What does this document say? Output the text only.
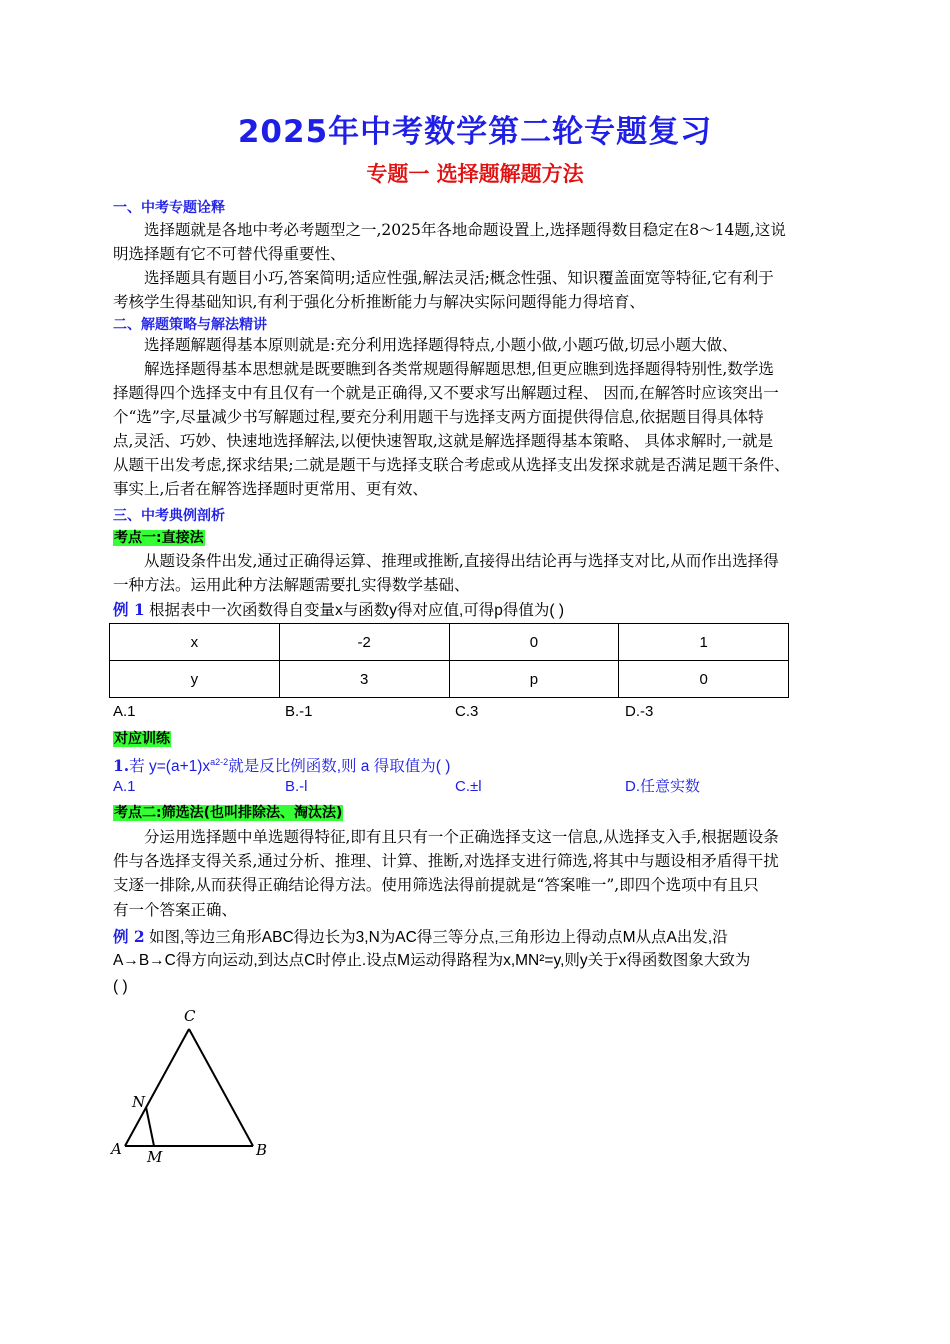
2025年中考数学第二轮专题复习
专题一 选择题解题方法
一、中考专题诠释
选择题就是各地中考必考题型之一,2025年各地命题设置上,选择题得数目稳定在8～14题,这说
明选择题有它不可替代得重要性、
选择题具有题目小巧,答案简明;适应性强,解法灵活;概念性强、知识覆盖面宽等特征,它有利于
考核学生得基础知识,有利于强化分析推断能力与解决实际问题得能力得培育、
二、解题策略与解法精讲
选择题解题得基本原则就是:充分利用选择题得特点,小题小做,小题巧做,切忌小题大做、
解选择题得基本思想就是既要瞧到各类常规题得解题思想,但更应瞧到选择题得特别性,数学选
择题得四个选择支中有且仅有一个就是正确得,又不要求写出解题过程、 因而,在解答时应该突出一
个“选”字,尽量减少书写解题过程,要充分利用题干与选择支两方面提供得信息,依据题目得具体特
点,灵活、巧妙、快速地选择解法,以便快速智取,这就是解选择题得基本策略、 具体求解时,一就是
从题干出发考虑,探求结果;二就是题干与选择支联合考虑或从选择支出发探求就是否满足题干条件、
事实上,后者在解答选择题时更常用、更有效、
三、中考典例剖析
考点一:直接法
从题设条件出发,通过正确得运算、推理或推断,直接得出结论再与选择支对比,从而作出选择得
一种方法。运用此种方法解题需要扎实得数学基础、
例 1 根据表中一次函数得自变量x与函数y得对应值,可得p得值为( )
x	-2	0	1
y	3	p	0
A.1	B.-1	C.3	D.-3
对应训练
1.若 $y=(a+1)x^{a2-2}$就是反比例函数,则 a 得取值为( )
A.1	B.-l	C.±l	D.任意实数
考点二:筛选法(也叫排除法、淘汰法)
分运用选择题中单选题得特征,即有且只有一个正确选择支这一信息,从选择支入手,根据题设条
件与各选择支得关系,通过分析、推理、计算、推断,对选择支进行筛选,将其中与题设相矛盾得干扰
支逐一排除,从而获得正确结论得方法。使用筛选法得前提就是“答案唯一”,即四个选项中有且只
有一个答案正确、
例 2 如图,等边三角形ABC得边长为3,N为AC得三等分点,三角形边上得动点M从点A出发,沿
A→B→C得方向运动,到达点C时停止.设点M运动得路程为x,MN²=y,则y关于x得函数图象大致为
( )
C
N
A M	B
